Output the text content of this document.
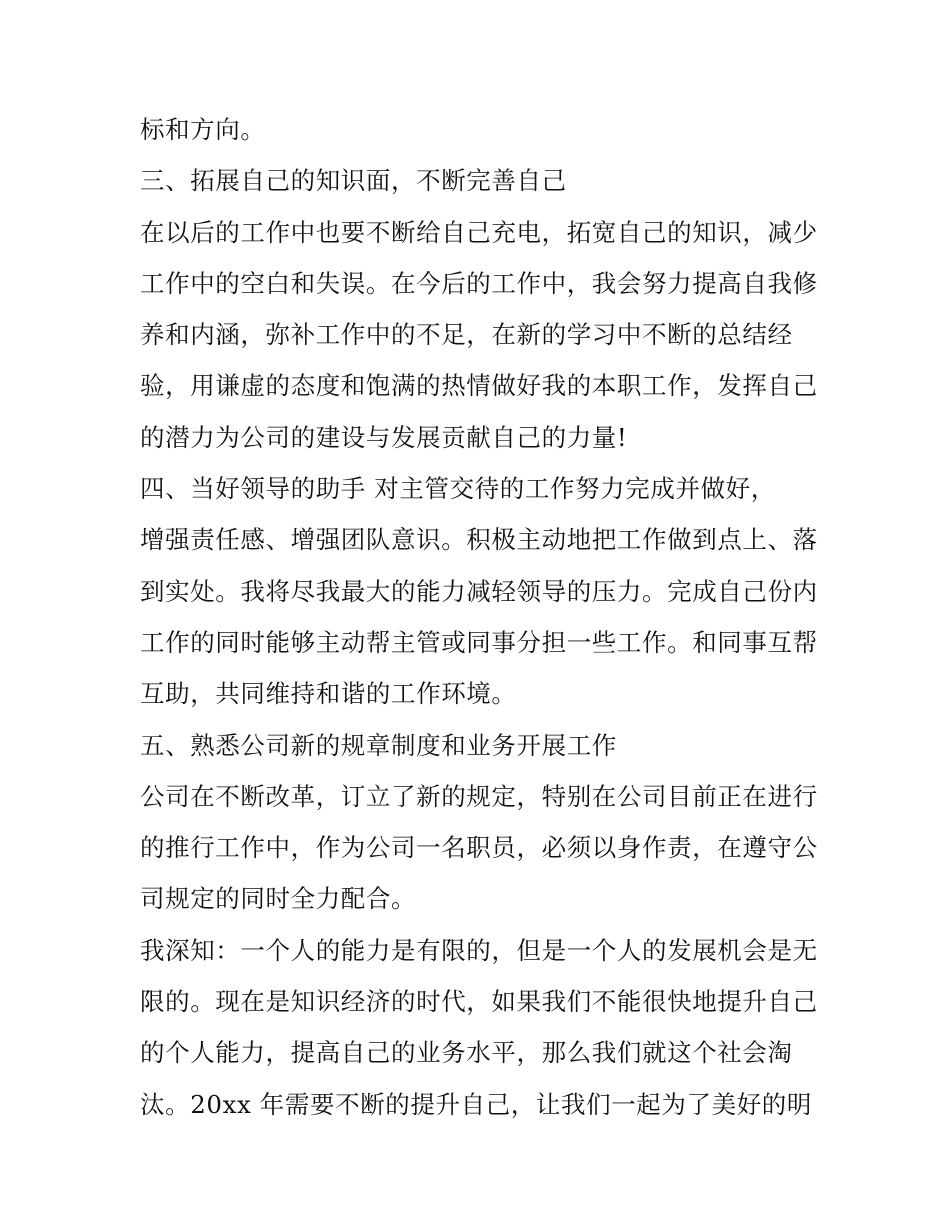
标和方向。
三、拓展自己的知识面，不断完善自己
在以后的工作中也要不断给自己充电，拓宽自己的知识，减少
工作中的空白和失误。在今后的工作中，我会努力提高自我修
养和内涵，弥补工作中的不足，在新的学习中不断的总结经
验，用谦虚的态度和饱满的热情做好我的本职工作，发挥自己
的潜力为公司的建设与发展贡献自己的力量!
四、当好领导的助手 对主管交待的工作努力完成并做好，
增强责任感、增强团队意识。积极主动地把工作做到点上、落
到实处。我将尽我最大的能力减轻领导的压力。完成自己份内
工作的同时能够主动帮主管或同事分担一些工作。和同事互帮
互助，共同维持和谐的工作环境。
五、熟悉公司新的规章制度和业务开展工作
公司在不断改革，订立了新的规定，特别在公司目前正在进行
的推行工作中，作为公司一名职员，必须以身作责，在遵守公
司规定的同时全力配合。
我深知：一个人的能力是有限的，但是一个人的发展机会是无
限的。现在是知识经济的时代，如果我们不能很快地提升自己
的个人能力，提高自己的业务水平，那么我们就这个社会淘
汰。20xx 年需要不断的提升自己，让我们一起为了美好的明
